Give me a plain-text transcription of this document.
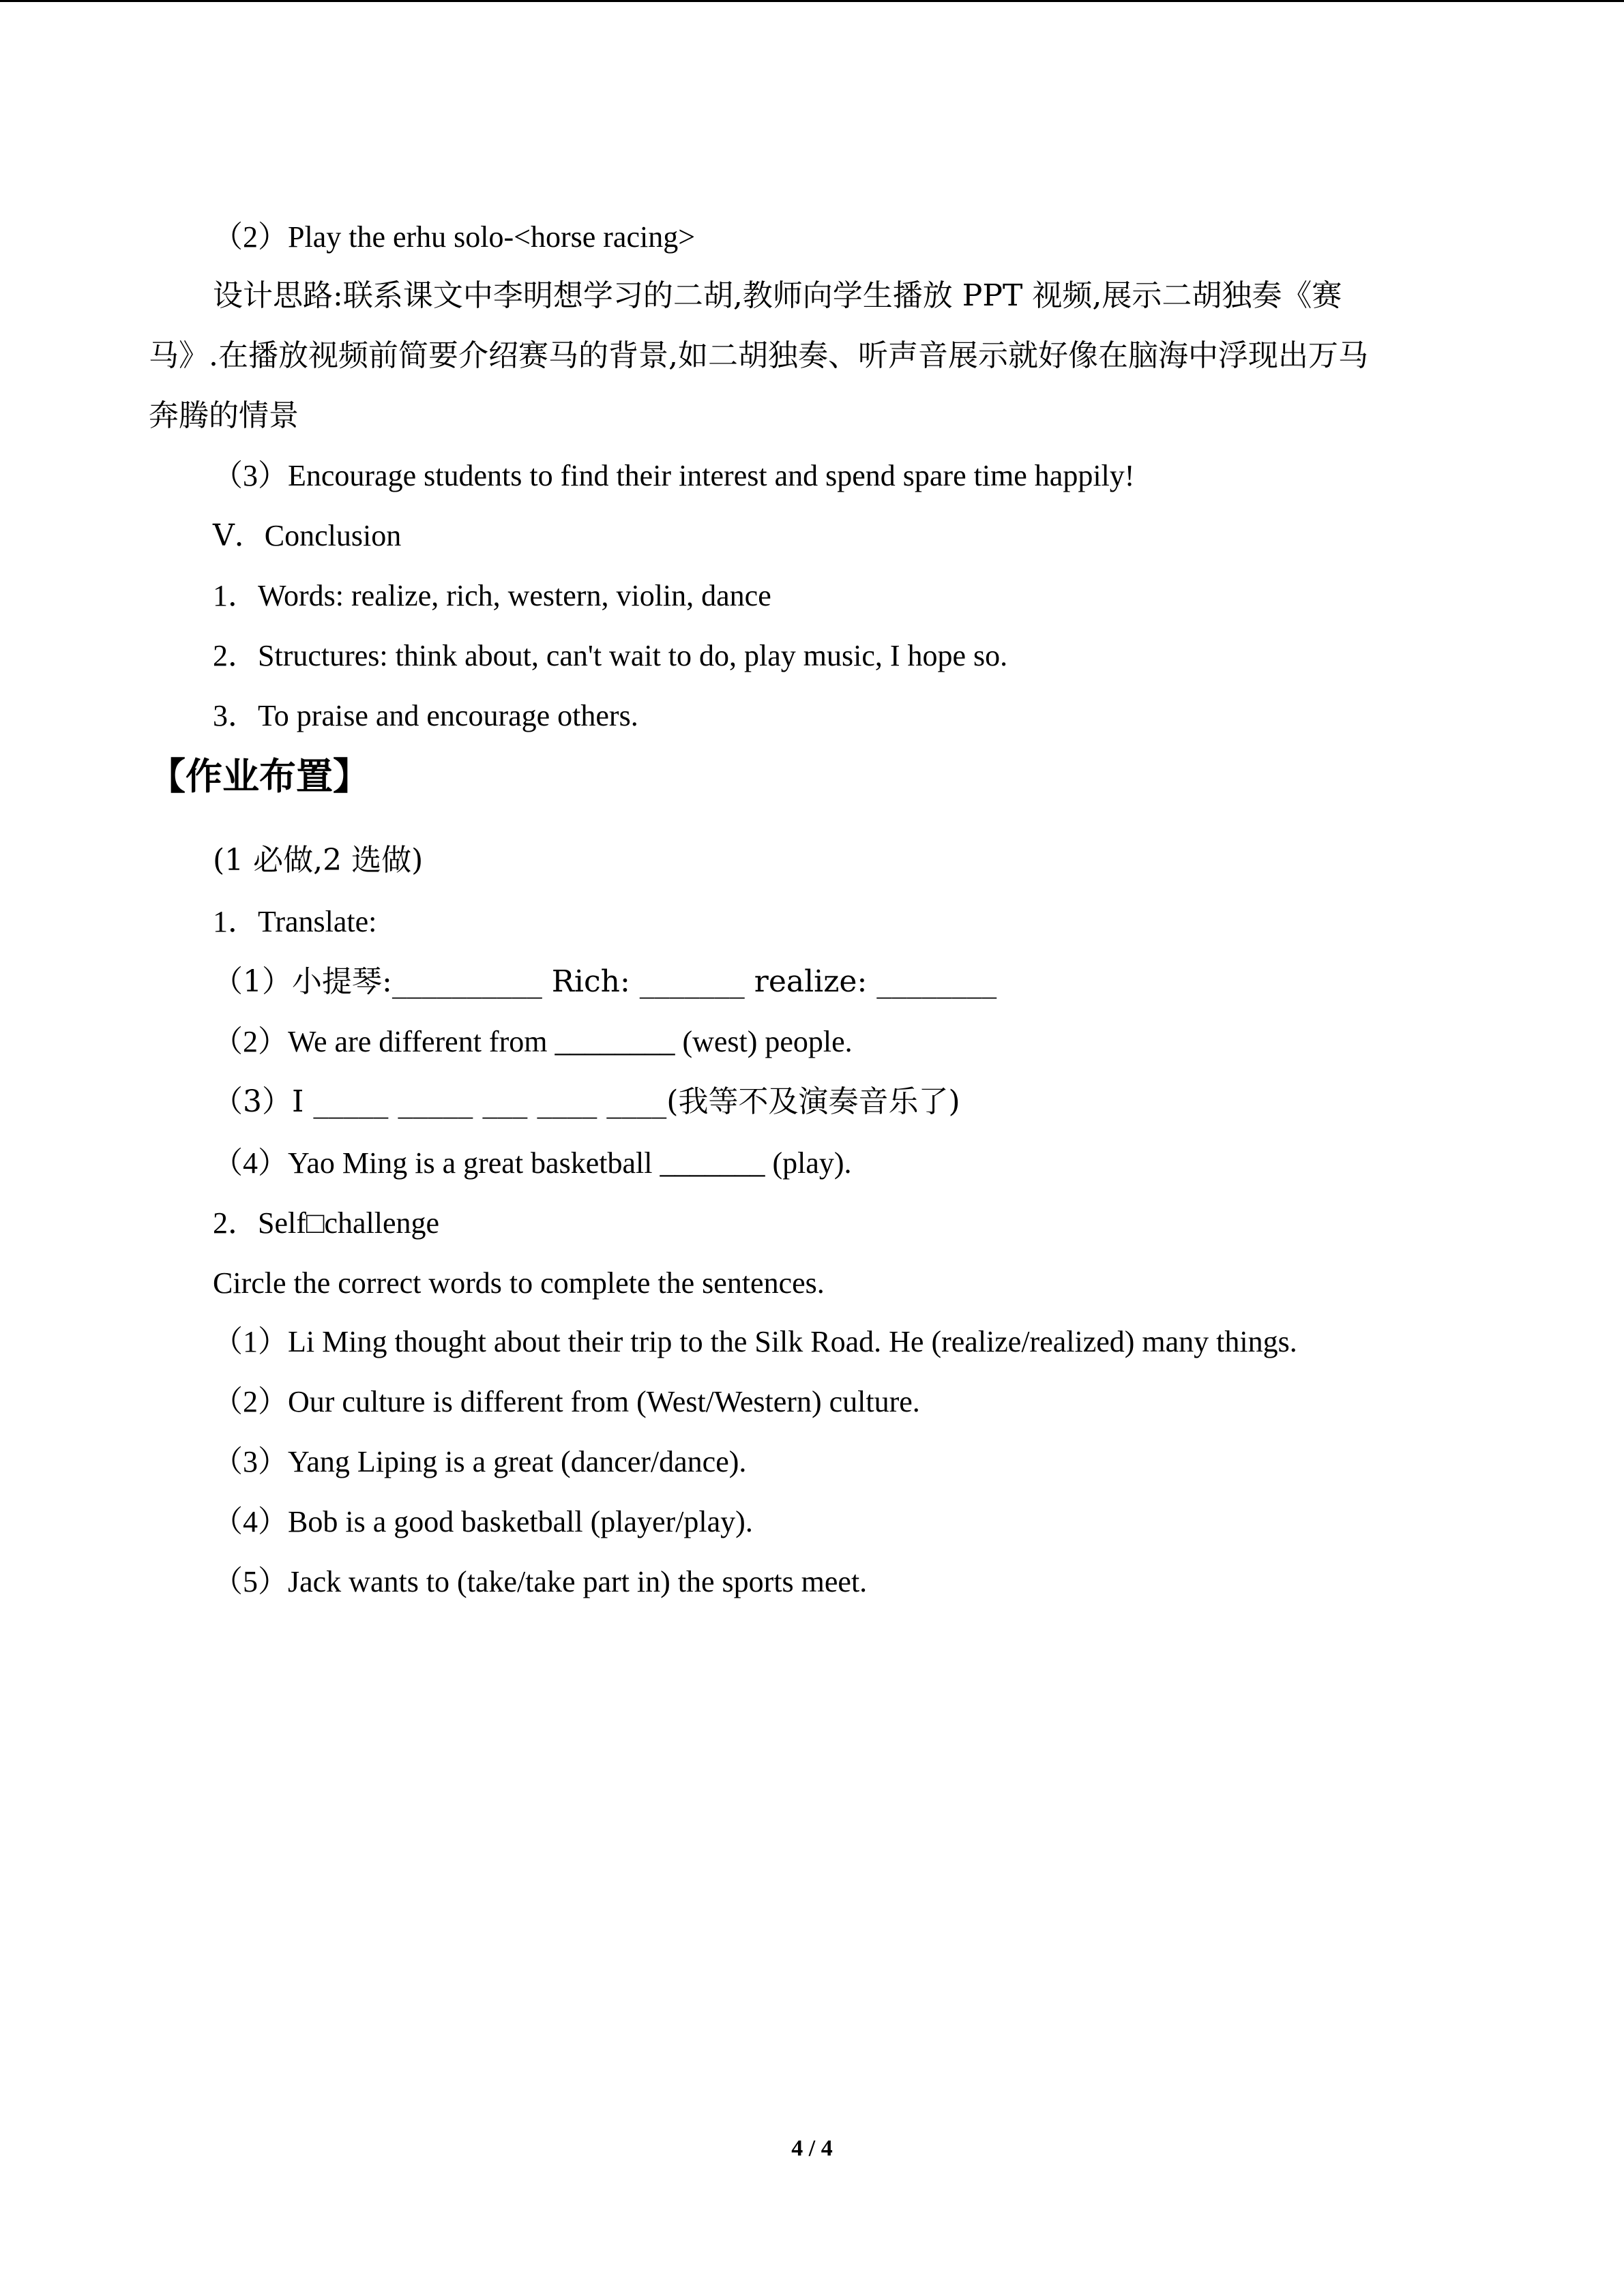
（2）Play the erhu solo-<horse racing>
设计思路:联系课文中李明想学习的二胡,教师向学生播放 PPT 视频,展示二胡独奏《赛
马》.在播放视频前简要介绍赛马的背景,如二胡独奏、听声音展示就好像在脑海中浮现出万马
奔腾的情景
（3）Encourage students to find their interest and spend spare time happily!
Ⅴ．Conclusion
1．Words: realize, rich, western, violin, dance
2．Structures: think about, can't wait to do, play music, I hope so.
3．To praise and encourage others.
【作业布置】
(1 必做,2 选做)
1．Translate:
（1）小提琴:__________ Rich: _______ realize: ________
（2）We are different from ________ (west) people.
（3）I _____ _____ ___ ____ ____(我等不及演奏音乐了)
（4）Yao Ming is a great basketball _______ (play).
2．Self□challenge
Circle the correct words to complete the sentences.
（1）Li Ming thought about their trip to the Silk Road. He (realize/realized) many things.
（2）Our culture is different from (West/Western) culture.
（3）Yang Liping is a great (dancer/dance).
（4）Bob is a good basketball (player/play).
（5）Jack wants to (take/take part in) the sports meet.
4 / 4
